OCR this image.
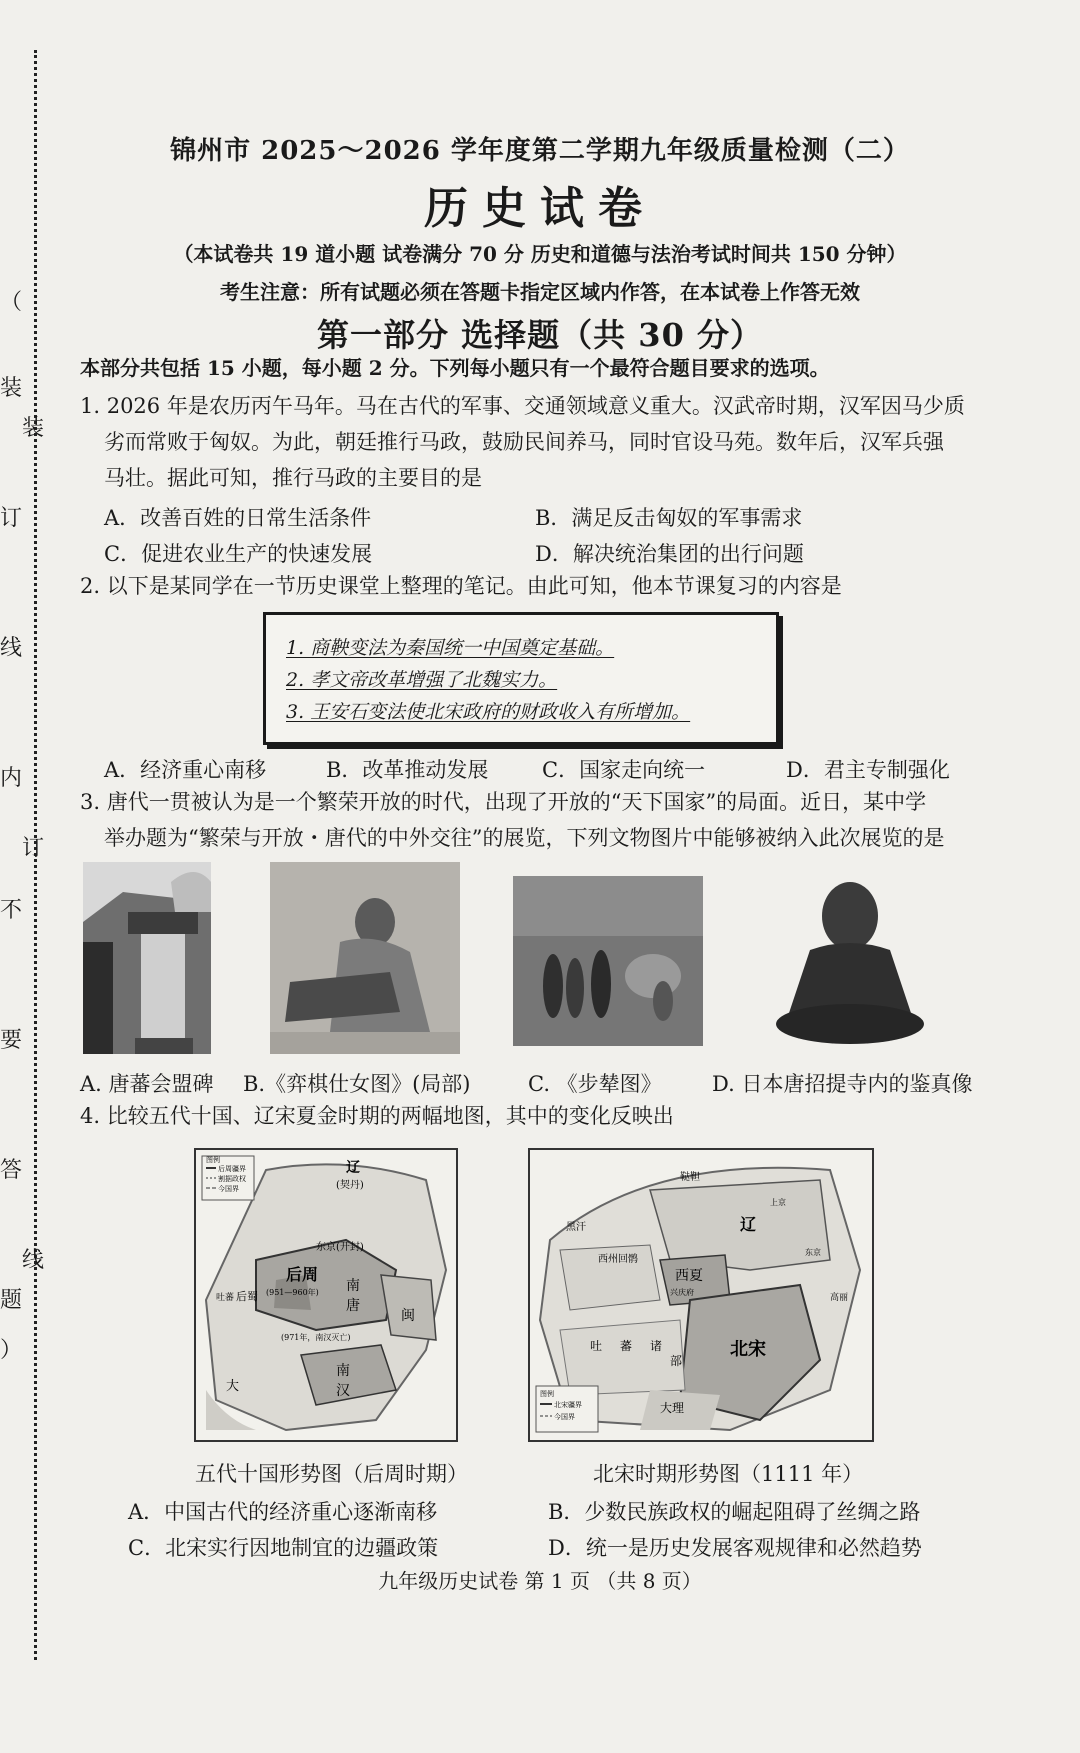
（
装
订
线
内
不
要
答
题
）
装
订
线
锦州市 2025～2026 学年度第二学期九年级质量检测（二）
历史试卷
（本试卷共 19 道小题 试卷满分 70 分 历史和道德与法治考试时间共 150 分钟）
考生注意：所有试题必须在答题卡指定区域内作答，在本试卷上作答无效
第一部分 选择题（共 30 分）
本部分共包括 15 小题，每小题 2 分。下列每小题只有一个最符合题目要求的选项。
1. 2026 年是农历丙午马年。马在古代的军事、交通领域意义重大。汉武帝时期，汉军因马少质
劣而常败于匈奴。为此，朝廷推行马政，鼓励民间养马，同时官设马苑。数年后，汉军兵强
马壮。据此可知，推行马政的主要目的是
A．改善百姓的日常生活条件	B．满足反击匈奴的军事需求
C．促进农业生产的快速发展	D．解决统治集团的出行问题
2. 以下是某同学在一节历史课堂上整理的笔记。由此可知，他本节课复习的内容是
1. 商鞅变法为秦国统一中国奠定基础。
2. 孝文帝改革增强了北魏实力。
3. 王安石变法使北宋政府的财政收入有所增加。
A．经济重心南移	B．改革推动发展	C．国家走向统一	D．君主专制强化
3. 唐代一贯被认为是一个繁荣开放的时代，出现了开放的“天下国家”的局面。近日，某中学
举办题为“繁荣与开放・唐代的中外交往”的展览，下列文物图片中能够被纳入此次展览的是
A. 唐蕃会盟碑 B.《弈棋仕女图》(局部)	C. 《步辇图》 D. 日本唐招提寺内的鉴真像
4. 比较五代十国、辽宋夏金时期的两幅地图，其中的变化反映出
图例
后周疆界
割据政权
今国界
辽
(契丹)
东京(开封)
后周
(951—960年) 南
唐
闽
南
汉
后蜀
大
吐蕃
(971年，南汉灭亡)
图例
北宋疆界
今国界
辽
西州回鹘
西夏
兴庆府
北宋
吐 蕃 诸
部
大理
黑汗
鞑靼
高丽
上京
东京
五代十国形势图（后周时期）	北宋时期形势图（1111 年）
A．中国古代的经济重心逐渐南移	B．少数民族政权的崛起阻碍了丝绸之路
C．北宋实行因地制宜的边疆政策	D．统一是历史发展客观规律和必然趋势
九年级历史试卷 第 1 页 （共 8 页）
